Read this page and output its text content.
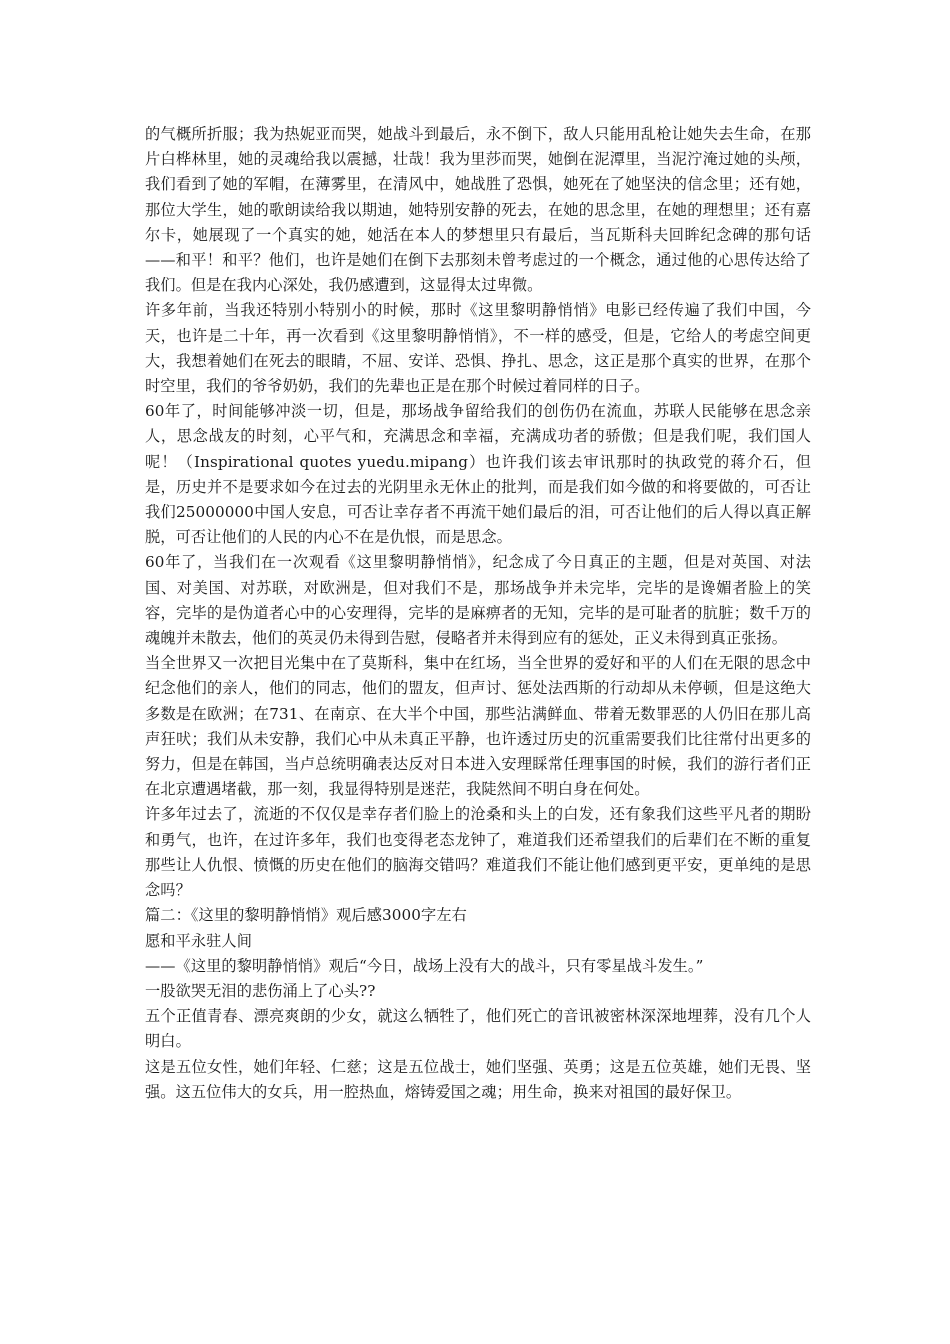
的气概所折服；我为热妮亚而哭，她战斗到最后，永不倒下，敌人只能用乱枪让她失去生命，在那片白桦林里，她的灵魂给我以震撼，壮哉！我为里莎而哭，她倒在泥潭里，当泥泞淹过她的头颅，我们看到了她的军帽，在薄雾里，在清风中，她战胜了恐惧，她死在了她坚決的信念里；还有她，那位大学生，她的歌朗读给我以期迪，她特别安静的死去，在她的思念里，在她的理想里；还有嘉尔卡，她展现了一个真实的她，她活在本人的梦想里只有最后，当瓦斯科夫回眸纪念碑的那句话——和平！和平？他们，也许是她们在倒下去那刻未曾考虑过的一个概念，通过他的心思传达给了我们。但是在我内心深处，我仍感遭到，这显得太过卑微。

许多年前，当我还特别小特别小的时候，那时《这里黎明静悄悄》电影已经传遍了我们中国，今天，也许是二十年，再一次看到《这里黎明静悄悄》，不一样的感受，但是，它给人的考虑空间更大，我想着她们在死去的眼睛，不屈、安详、恐惧、挣扎、思念，这正是那个真实的世界，在那个时空里，我们的爷爷奶奶，我们的先辈也正是在那个时候过着同样的日子。

60年了，时间能够冲淡一切，但是，那场战争留给我们的创伤仍在流血，苏联人民能够在思念亲人，思念战友的时刻，心平气和，充满思念和幸福，充满成功者的骄傲；但是我们呢，我们国人呢！（Inspirational quotes yuedu.mipang）也许我们该去审讯那时的执政党的蒋介石，但是，历史并不是要求如今在过去的光阴里永无休止的批判，而是我们如今做的和将要做的，可否让我们25000000中国人安息，可否让幸存者不再流干她们最后的泪，可否让他们的后人得以真正解脱，可否让他们的人民的内心不在是仇恨，而是思念。

60年了，当我们在一次观看《这里黎明静悄悄》，纪念成了今日真正的主题，但是对英国、对法国、对美国、对苏联，对欧洲是，但对我们不是，那场战争并未完毕，完毕的是谗媚者脸上的笑容，完毕的是伪道者心中的心安理得，完毕的是麻痹者的无知，完毕的是可耻者的肮脏；数千万的魂魄并未散去，他们的英灵仍未得到告慰，侵略者并未得到应有的惩处，正义未得到真正张扬。

当全世界又一次把目光集中在了莫斯科，集中在红场，当全世界的爱好和平的人们在无限的思念中纪念他们的亲人，他们的同志，他们的盟友，但声讨、惩处法西斯的行动却从未停顿，但是这绝大多数是在欧洲；在731、在南京、在大半个中国，那些沾满鲜血、带着无数罪恶的人仍旧在那儿高声狂吠；我们从未安静，我们心中从未真正平静，也许透过历史的沉重需要我们比往常付出更多的努力，但是在韩国，当卢总统明确表达反对日本进入安理睬常任理事国的时候，我们的游行者们正在北京遭遇堵截，那一刻，我显得特别是迷茫，我陡然间不明白身在何处。

许多年过去了，流逝的不仅仅是幸存者们脸上的沧桑和头上的白发，还有象我们这些平凡者的期盼和勇气，也许，在过许多年，我们也变得老态龙钟了，难道我们还希望我们的后辈们在不断的重复那些让人仇恨、愤慨的历史在他们的脑海交错吗？难道我们不能让他们感到更平安，更单纯的是思念吗？

篇二：《这里的黎明静悄悄》观后感3000字左右

愿和平永驻人间

——《这里的黎明静悄悄》观后“今日，战场上没有大的战斗，只有零星战斗发生。”

一股欲哭无泪的悲伤涌上了心头??

五个正值青春、漂亮爽朗的少女，就这么牺牲了，他们死亡的音讯被密林深深地埋葬，没有几个人明白。

这是五位女性，她们年轻、仁慈；这是五位战士，她们坚强、英勇；这是五位英雄，她们无畏、坚强。这五位伟大的女兵，用一腔热血，熔铸爱国之魂；用生命，换来对祖国的最好保卫。
